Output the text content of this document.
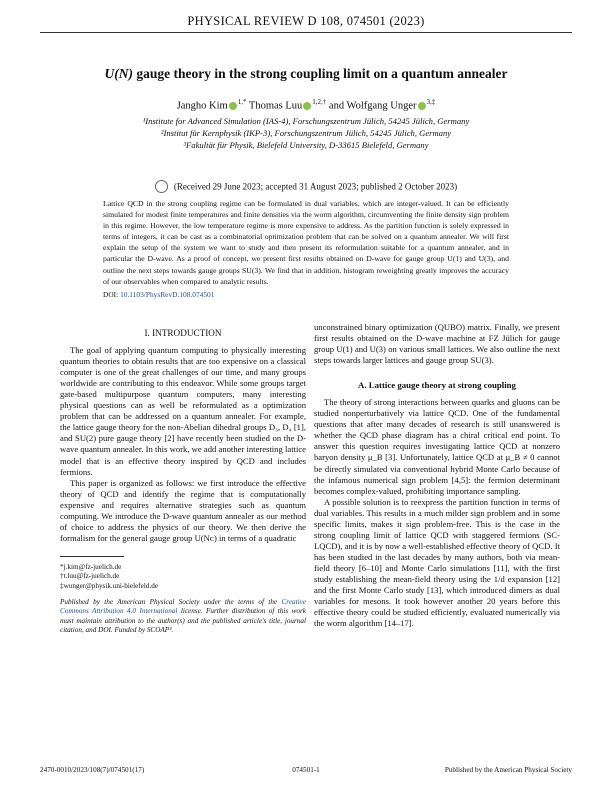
PHYSICAL REVIEW D 108, 074501 (2023)
U(N) gauge theory in the strong coupling limit on a quantum annealer
Jangho Kim $^{1,*}$ Thomas Luu $^{1,2,\dagger}$ and Wolfgang Unger $^{3,\ddagger}$
¹Institute for Advanced Simulation (IAS-4), Forschungszentrum Jülich, 54245 Jülich, Germany
²Institut für Kernphysik (IKP-3), Forschungszentrum Jülich, 54245 Jülich, Germany
³Fakultät für Physik, Bielefeld University, D-33615 Bielefeld, Germany
(Received 29 June 2023; accepted 31 August 2023; published 2 October 2023)

Lattice QCD in the strong coupling regime can be formulated in dual variables, which are integer-valued. It can be efficiently simulated for modest finite temperatures and finite densities via the worm algorithm, circumventing the finite density sign problem in this regime. However, the low temperature regime is more expensive to address. As the partition function is solely expressed in terms of integers, it can be cast as a combinatorial optimization problem that can be solved on a quantum annealer. We will first explain the setup of the system we want to study and then present its reformulation suitable for a quantum annealer, and in particular the D-wave. As a proof of concept, we present first results obtained on D-wave for gauge group U(1) and U(3), and outline the next steps towards gauge groups SU(3). We find that in addition, histogram reweighting greatly improves the accuracy of our observables when compared to analytic results.

DOI: 10.1103/PhysRevD.108.074501
I. INTRODUCTION

The goal of applying quantum computing to physically interesting quantum theories to obtain results that are too expensive on a classical computer is one of the great challenges of our time, and many groups worldwide are contributing to this endeavor. While some groups target gate-based multipurpose quantum computers, many interesting physical questions can as well be reformulated as a optimization problem that can be addressed on a quantum annealer. For example, the lattice gauge theory for the non-Abelian dihedral groups D₃, D₄ [1], and SU(2) pure gauge theory [2] have recently been studied on the D-wave quantum annealer. In this work, we add another interesting lattice model that is an effective theory inspired by QCD and includes fermions.

This paper is organized as follows: we first introduce the effective theory of QCD and identify the regime that is computationally expensive and requires alternative strategies such as quantum computing. We introduce the D-wave quantum annealer as our method of choice to address the physics of our theory. We then derive the formalism for the general gauge group U(Nᴄ) in terms of a quadratic

*j.kim@fz-juelich.de
†t.luu@fz-juelich.de
‡wunger@physik.uni-bielefeld.de
Published by the American Physical Society under the terms of the Creative Commons Attribution 4.0 International license. Further distribution of this work must maintain attribution to the author(s) and the published article's title, journal citation, and DOI. Funded by SCOAP³.

unconstrained binary optimization (QUBO) matrix. Finally, we present first results obtained on the D-wave machine at FZ Jülich for gauge group U(1) and U(3) on various small lattices. We also outline the next steps towards larger lattices and gauge group SU(3).

A. Lattice gauge theory at strong coupling

The theory of strong interactions between quarks and gluons can be studied nonperturbatively via lattice QCD. One of the fundamental questions that after many decades of research is still unanswered is whether the QCD phase diagram has a chiral critical end point. To answer this question requires investigating lattice QCD at nonzero baryon density μ_B [3]. Unfortunately, lattice QCD at μ_B ≠ 0 cannot be directly simulated via conventional hybrid Monte Carlo because of the infamous numerical sign problem [4,5]: the fermion determinant becomes complex-valued, prohibiting importance sampling.

A possible solution is to reexpress the partition function in terms of dual variables. This results in a much milder sign problem and in some specific limits, makes it sign problem-free. This is the case in the strong coupling limit of lattice QCD with staggered fermions (SC-LQCD), and it is by now a well-established effective theory of QCD. It has been studied in the last decades by many authors, both via mean-field theory [6–10] and Monte Carlo simulations [11], with the first study establishing the mean-field theory using the 1/d expansion [12] and the first Monte Carlo study [13], which introduced dimers as dual variables for mesons. It took however another 20 years before this effective theory could be studied efficiently, evaluated numerically via the worm algorithm [14–17].

2470-0010/2023/108(7)/074501(17)	074501-1	Published by the American Physical Society
